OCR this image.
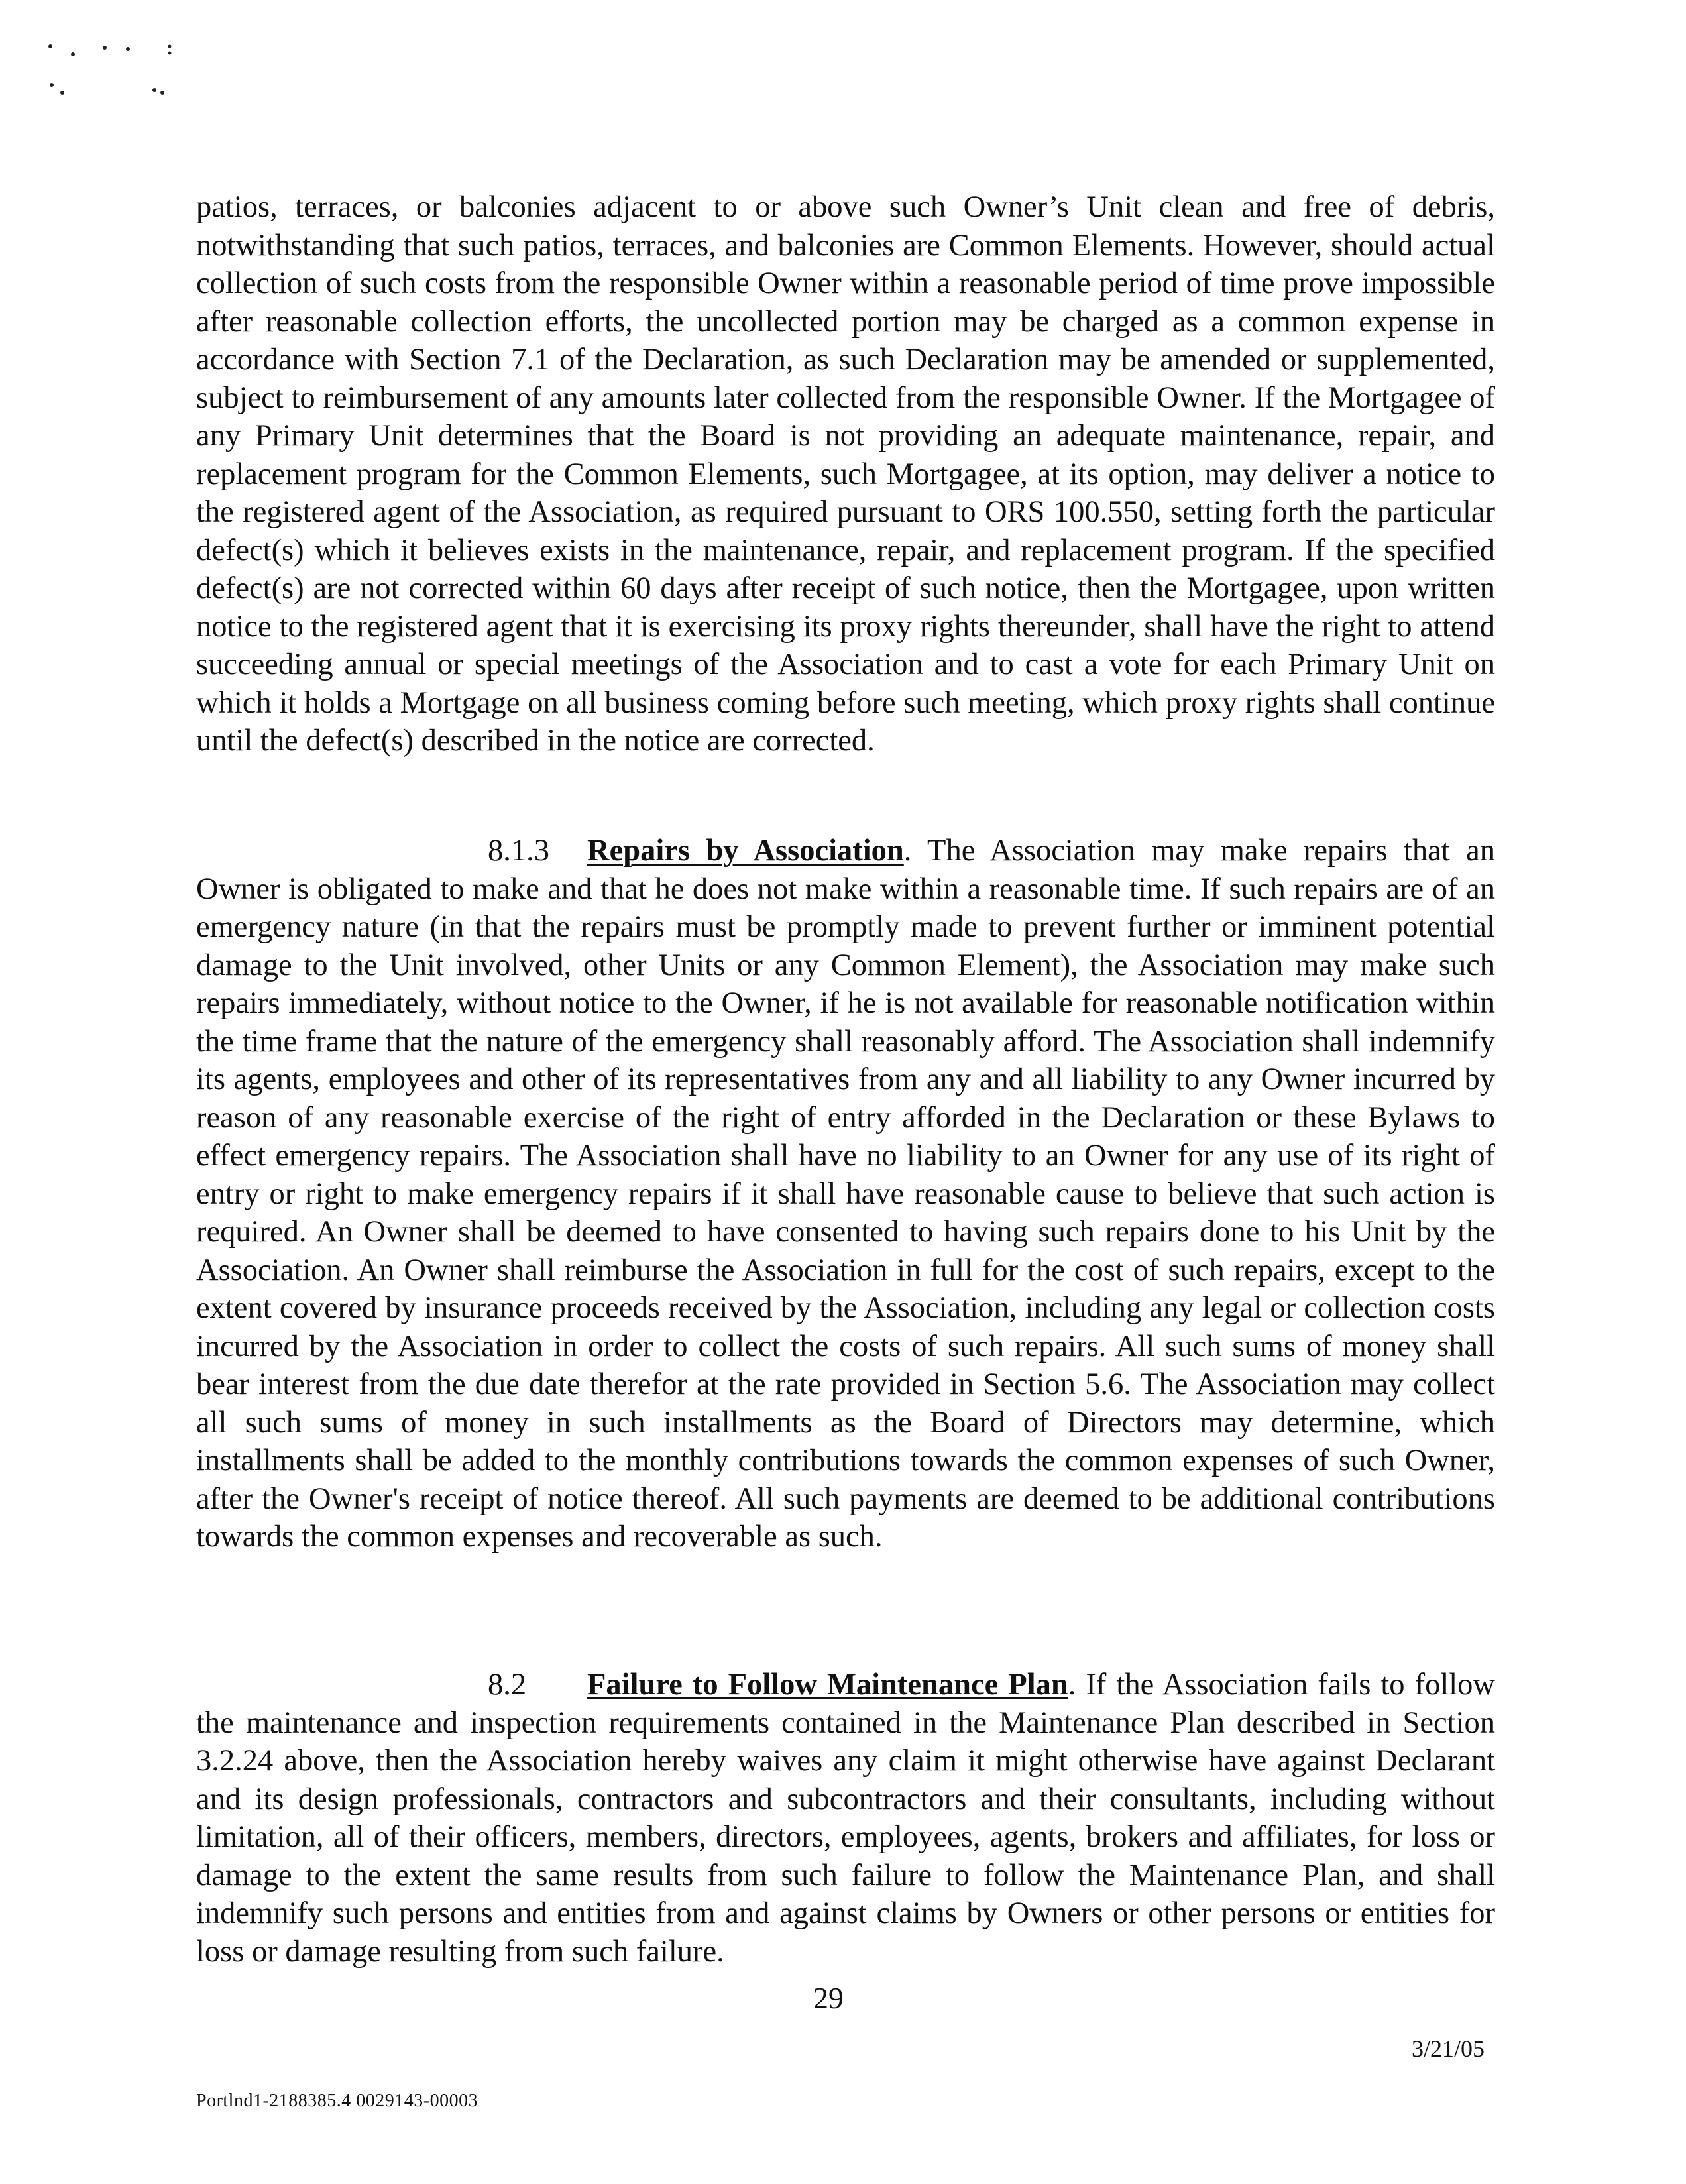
patios, terraces, or balconies adjacent to or above such Owner’s Unit clean and free of debris, notwithstanding that such patios, terraces, and balconies are Common Elements. However, should actual collection of such costs from the responsible Owner within a reasonable period of time prove impossible after reasonable collection efforts, the uncollected portion may be charged as a common expense in accordance with Section 7.1 of the Declaration, as such Declaration may be amended or supplemented, subject to reimbursement of any amounts later collected from the responsible Owner. If the Mortgagee of any Primary Unit determines that the Board is not providing an adequate maintenance, repair, and replacement program for the Common Elements, such Mortgagee, at its option, may deliver a notice to the registered agent of the Association, as required pursuant to ORS 100.550, setting forth the particular defect(s) which it believes exists in the maintenance, repair, and replacement program. If the specified defect(s) are not corrected within 60 days after receipt of such notice, then the Mortgagee, upon written notice to the registered agent that it is exercising its proxy rights thereunder, shall have the right to attend succeeding annual or special meetings of the Association and to cast a vote for each Primary Unit on which it holds a Mortgage on all business coming before such meeting, which proxy rights shall continue until the defect(s) described in the notice are corrected.

8.1.3 Repairs by Association. The Association may make repairs that an Owner is obligated to make and that he does not make within a reasonable time. If such repairs are of an emergency nature (in that the repairs must be promptly made to prevent further or imminent potential damage to the Unit involved, other Units or any Common Element), the Association may make such repairs immediately, without notice to the Owner, if he is not available for reasonable notification within the time frame that the nature of the emergency shall reasonably afford. The Association shall indemnify its agents, employees and other of its representatives from any and all liability to any Owner incurred by reason of any reasonable exercise of the right of entry afforded in the Declaration or these Bylaws to effect emergency repairs. The Association shall have no liability to an Owner for any use of its right of entry or right to make emergency repairs if it shall have reasonable cause to believe that such action is required. An Owner shall be deemed to have consented to having such repairs done to his Unit by the Association. An Owner shall reimburse the Association in full for the cost of such repairs, except to the extent covered by insurance proceeds received by the Association, including any legal or collection costs incurred by the Association in order to collect the costs of such repairs. All such sums of money shall bear interest from the due date therefor at the rate provided in Section 5.6. The Association may collect all such sums of money in such installments as the Board of Directors may determine, which installments shall be added to the monthly contributions towards the common expenses of such Owner, after the Owner's receipt of notice thereof. All such payments are deemed to be additional contributions towards the common expenses and recoverable as such.

8.2 Failure to Follow Maintenance Plan. If the Association fails to follow the maintenance and inspection requirements contained in the Maintenance Plan described in Section 3.2.24 above, then the Association hereby waives any claim it might otherwise have against Declarant and its design professionals, contractors and subcontractors and their consultants, including without limitation, all of their officers, members, directors, employees, agents, brokers and affiliates, for loss or damage to the extent the same results from such failure to follow the Maintenance Plan, and shall indemnify such persons and entities from and against claims by Owners or other persons or entities for loss or damage resulting from such failure.

29
3/21/05
Portlnd1-2188385.4 0029143-00003
